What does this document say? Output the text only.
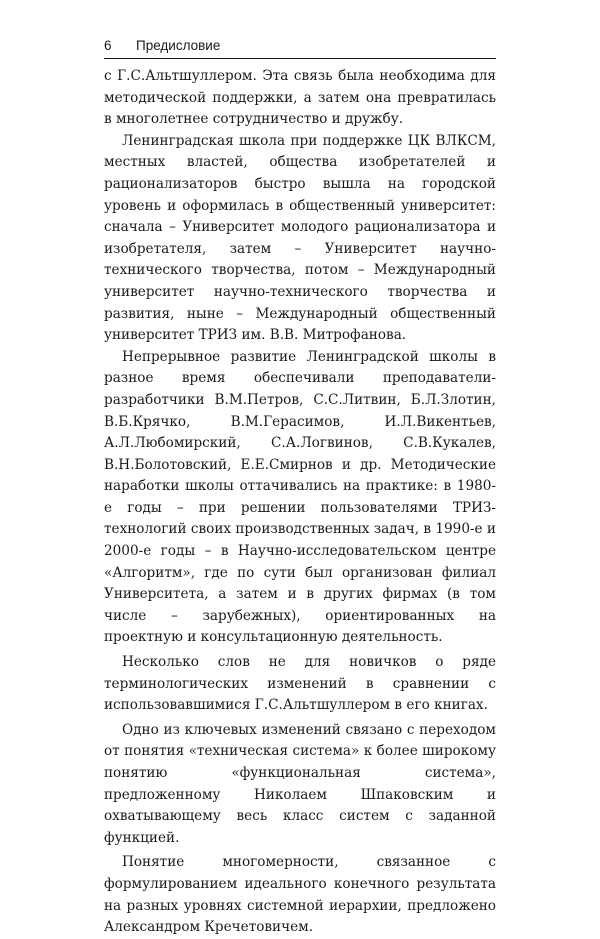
6 Предисловие

с Г.С.Альтшуллером. Эта связь была необходима для методической поддержки, а затем она превратилась в многолетнее сотрудничество и дружбу.

Ленинградская школа при поддержке ЦК ВЛКСМ, местных властей, общества изобретателей и рационализаторов быстро вышла на городской уровень и оформилась в общественный университет: сначала – Университет молодого рационализатора и изобретателя, затем – Университет научно-технического творчества, потом – Международный университет научно-технического творчества и развития, ныне – Международный общественный университет ТРИЗ им. В.В. Митрофанова.

Непрерывное развитие Ленинградской школы в разное время обеспечивали преподаватели-разработчики В.М.Петров, С.С.Литвин, Б.Л.Злотин, В.Б.Крячко, В.М.Герасимов, И.Л.Викентьев, А.Л.Любомирский, С.А.Логвинов, С.В.Кукалев, В.Н.Болотовский, Е.Е.Смирнов и др. Методические наработки школы оттачивались на практике: в 1980-е годы – при решении пользователями ТРИЗ-технологий своих производственных задач, в 1990-е и 2000-е годы – в Научно-исследовательском центре «Алгоритм», где по сути был организован филиал Университета, а затем и в других фирмах (в том числе – зарубежных), ориентированных на проектную и консультационную деятельность.

Несколько слов не для новичков о ряде терминологических изменений в сравнении с использовавшимися Г.С.Альтшуллером в его книгах.

Одно из ключевых изменений связано с переходом от понятия «техническая система» к более широкому понятию «функциональная система», предложенному Николаем Шпаковским и охватывающему весь класс систем с заданной функцией.

Понятие многомерности, связанное с формулированием идеального конечного результата на разных уровнях системной иерархии, предложено Александром Кречетовичем.
